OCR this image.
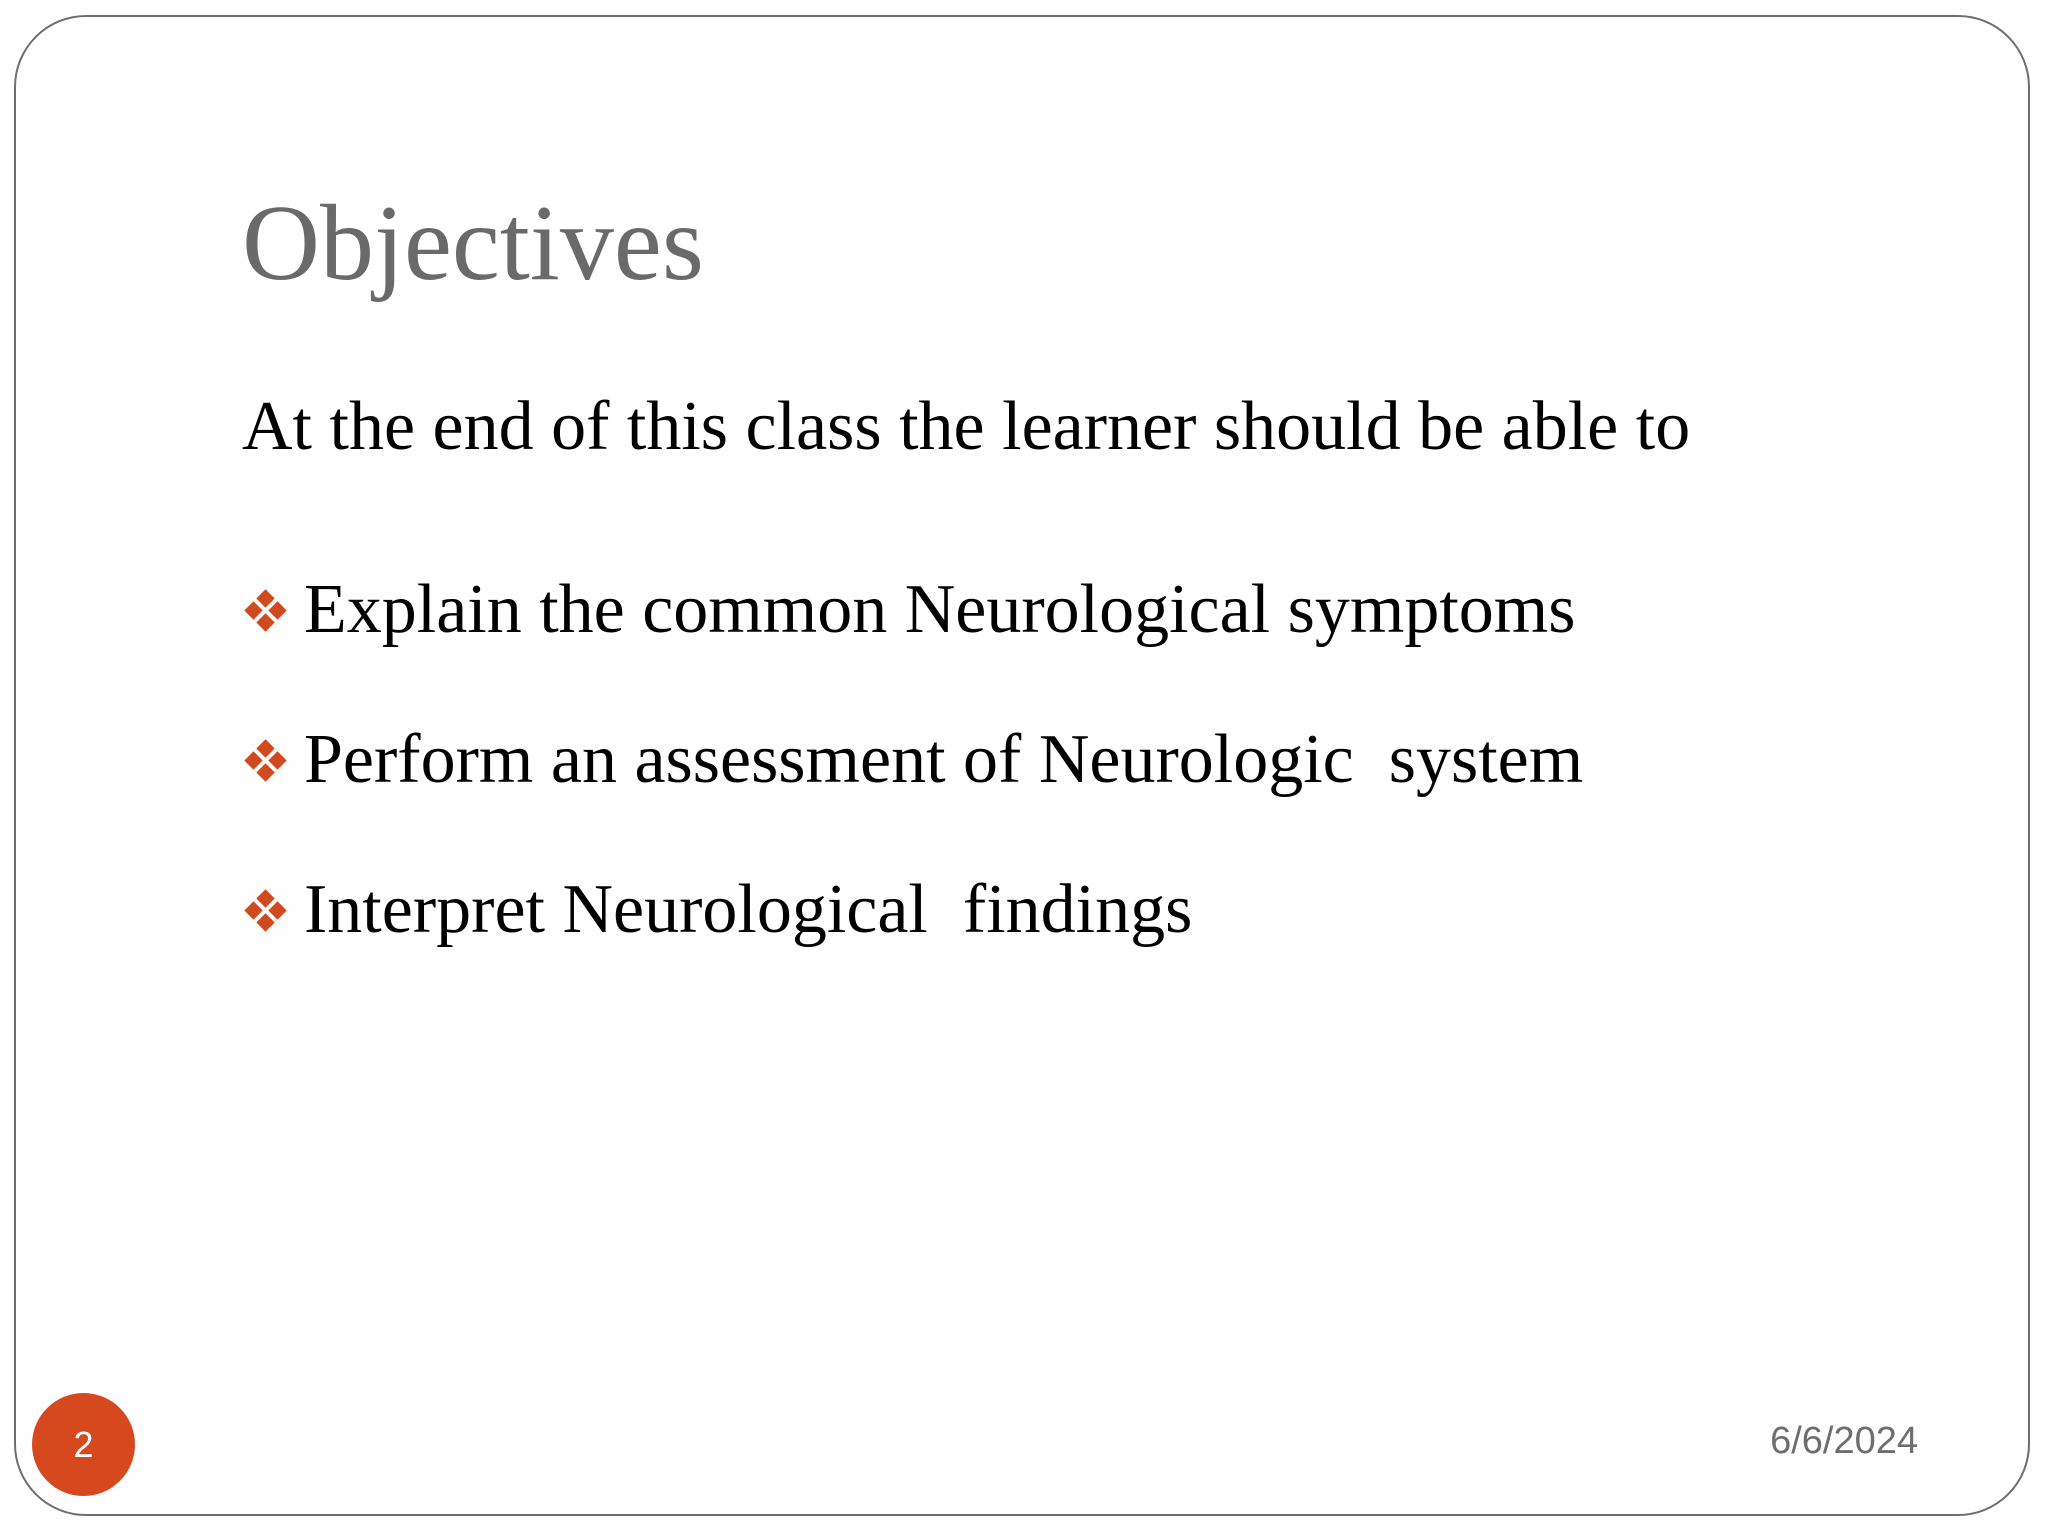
Objectives
At the end of this class the learner should be able to

Explain the common Neurological symptoms

Perform an assessment of Neurologic  system

Interpret Neurological  findings
2	6/6/2024
